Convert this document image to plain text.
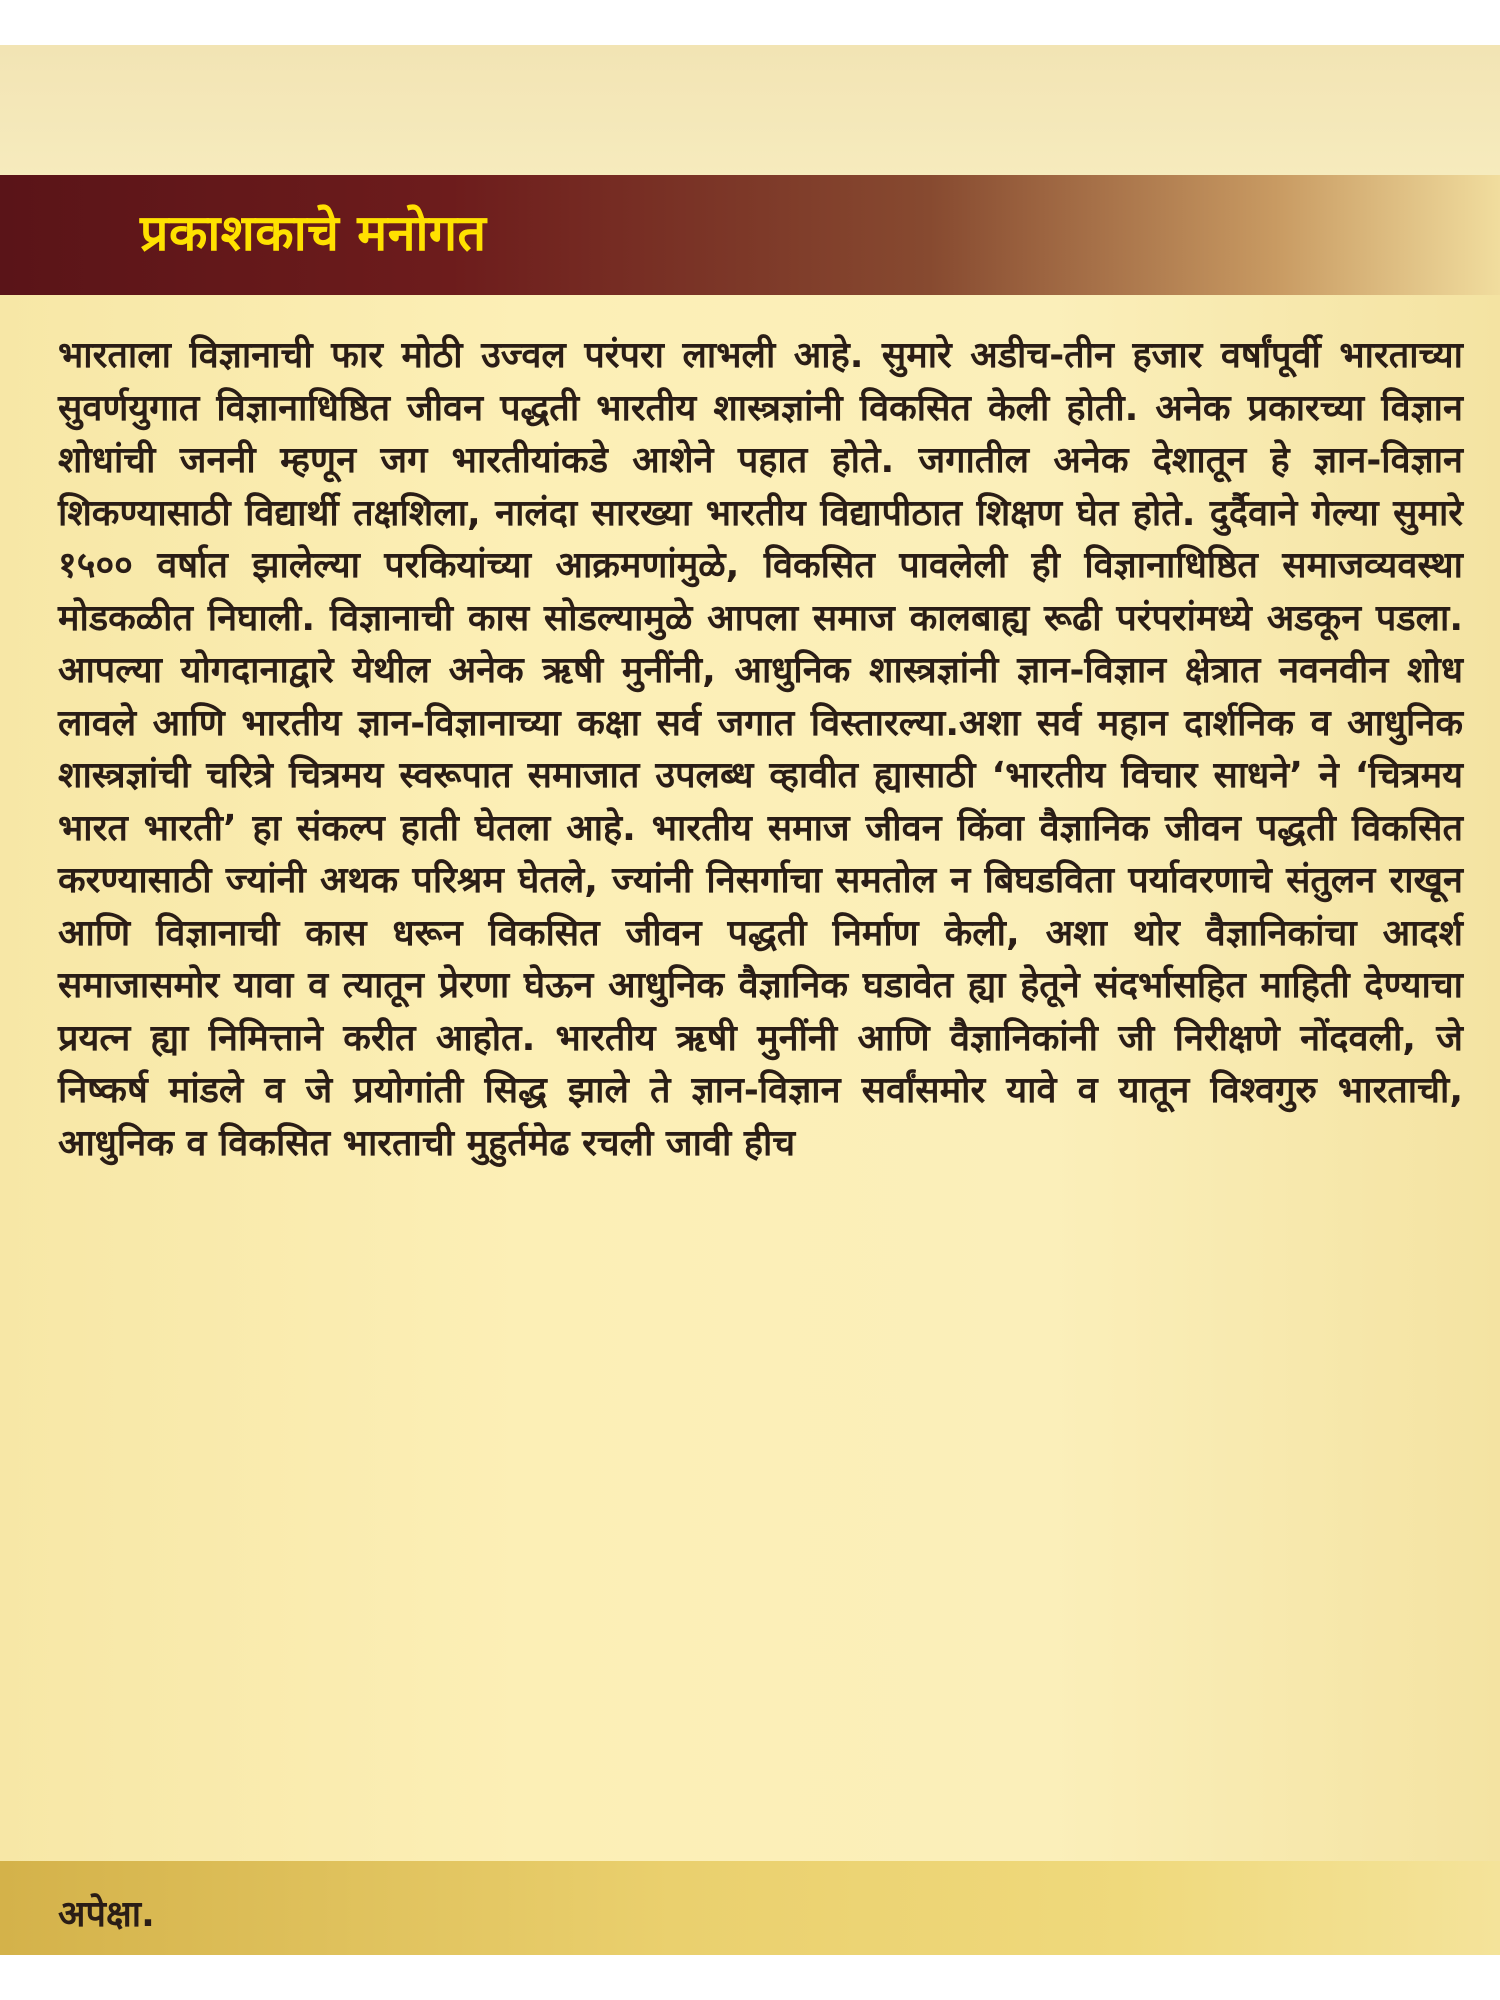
प्रकाशकाचे मनोगत
भारताला विज्ञानाची फार मोठी उज्वल परंपरा लाभली आहे. सुमारे अडीच-तीन हजार वर्षांपूर्वी भारताच्या सुवर्णयुगात विज्ञानाधिष्ठित जीवन पद्धती भारतीय शास्त्रज्ञांनी विकसित केली होती. अनेक प्रकारच्या विज्ञान शोधांची जननी म्हणून जग भारतीयांकडे आशेने पहात होते. जगातील अनेक देशातून हे ज्ञान-विज्ञान शिकण्यासाठी विद्यार्थी तक्षशिला, नालंदा सारख्या भारतीय विद्यापीठात शिक्षण घेत होते. दुर्दैवाने गेल्या सुमारे १५०० वर्षात झालेल्या परकियांच्या आक्रमणांमुळे, विकसित पावलेली ही विज्ञानाधिष्ठित समाजव्यवस्था मोडकळीत निघाली. विज्ञानाची कास सोडल्यामुळे आपला समाज कालबाह्य रूढी परंपरांमध्ये अडकून पडला. आपल्या योगदानाद्वारे येथील अनेक ऋषी मुनींनी, आधुनिक शास्त्रज्ञांनी ज्ञान-विज्ञान क्षेत्रात नवनवीन शोध लावले आणि भारतीय ज्ञान-विज्ञानाच्या कक्षा सर्व जगात विस्तारल्या.अशा सर्व महान दार्शनिक व आधुनिक शास्त्रज्ञांची चरित्रे चित्रमय स्वरूपात समाजात उपलब्ध व्हावीत ह्यासाठी ‘भारतीय विचार साधने’ ने ‘चित्रमय भारत भारती’ हा संकल्प हाती घेतला आहे. भारतीय समाज जीवन किंवा वैज्ञानिक जीवन पद्धती विकसित करण्यासाठी ज्यांनी अथक परिश्रम घेतले, ज्यांनी निसर्गाचा समतोल न बिघडविता पर्यावरणाचे संतुलन राखून आणि विज्ञानाची कास धरून विकसित जीवन पद्धती निर्माण केली, अशा थोर वैज्ञानिकांचा आदर्श समाजासमोर यावा व त्यातून प्रेरणा घेऊन आधुनिक वैज्ञानिक घडावेत ह्या हेतूने संदर्भासहित माहिती देण्याचा प्रयत्न ह्या निमित्ताने करीत आहोत. भारतीय ऋषी मुनींनी आणि वैज्ञानिकांनी जी निरीक्षणे नोंदवली, जे निष्कर्ष मांडले व जे प्रयोगांती सिद्ध झाले ते ज्ञान-विज्ञान सर्वांसमोर यावे व यातून विश्वगुरु भारताची, आधुनिक व विकसित भारताची मुहुर्तमेढ रचली जावी हीच
अपेक्षा.
